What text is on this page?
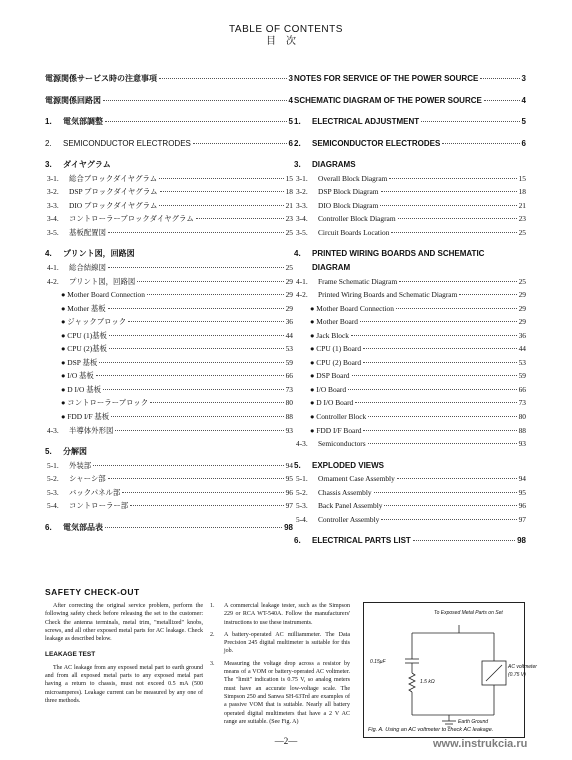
TABLE OF CONTENTS
目次
電源関係サービス時の注意事項	3
電源関係回路図	4
1. 電気部調整	5
2. SEMICONDUCTOR ELECTRODES	6
3. ダイヤグラム
3-1. 総合ブロックダイヤグラム	15
3-2. DSP ブロックダイヤグラム	18
3-3. DIO ブロックダイヤグラム	21
3-4. コントローラーブロックダイヤグラム	23
3-5. 基板配置図	25
4. プリント図，回路図
4-1. 総合結線図	25
4-2. プリント図，回路図	29
● Mother Board Connection	29
● Mother 基板	29
● ジャックブロック	36
● CPU (1)基板	44
● CPU (2)基板	53
● DSP 基板	59
● I/O 基板	66
● D I/O 基板	73
● コントローラーブロック	80
● FDD I/F 基板	88
4-3. 半導体外形図	93
5. 分解図
5-1. 外装部	94
5-2. シャーシ部	95
5-3. バックパネル部	96
5-4. コントローラー部	97
6. 電気部品表	98
NOTES FOR SERVICE OF THE POWER SOURCE	3
SCHEMATIC DIAGRAM OF THE POWER SOURCE	4
1. ELECTRICAL ADJUSTMENT	5
2. SEMICONDUCTOR ELECTRODES	6
3. DIAGRAMS
3-1. Overall Block Diagram	15
3-2. DSP Block Diagram	18
3-3. DIO Block Diagram	21
3-4. Controller Block Diagram	23
3-5. Circuit Boards Location	25
4. PRINTED WIRING BOARDS AND SCHEMATIC
DIAGRAM
4-1. Frame Schematic Diagram	25
4-2. Printed Wiring Boards and Schematic Diagram	29
● Mother Board Connection	29
● Mother Board	29
● Jack Block	36
● CPU (1) Board	44
● CPU (2) Board	53
● DSP Board	59
● I/O Board	66
● D I/O Board	73
● Controller Block	80
● FDD I/F Board	88
4-3. Semiconductors	93
5. EXPLODED VIEWS
5-1. Ornament Case Assembly	94
5-2. Chassis Assembly	95
5-3. Back Panel Assembly	96
5-4. Controller Assembly	97
6. ELECTRICAL PARTS LIST	98
SAFETY CHECK-OUT

After correcting the original service problem, perform the following safety check before releasing the set to the customer: Check the antenna terminals, metal trim, "metallized" knobs, screws, and all other exposed metal parts for AC leakage. Check leakage as described below.

LEAKAGE TEST

The AC leakage from any exposed metal part to earth ground and from all exposed metal parts to any exposed metal part having a return to chassis, must not exceed 0.5 mA (500 microamperes). Leakage current can be measured by any one of three methods.

1.	A commercial leakage tester, such as the Simpson 229 or RCA WT-540A. Follow the manufacturers' instructions to use these instruments.
2.	A battery-operated AC milliammeter. The Data Precision 245 digital multimeter is suitable for this job.
3.	Measuring the voltage drop across a resistor by means of a VOM or battery-operated AC voltmeter. The "limit" indication is 0.75 V, so analog meters must have an accurate low-voltage scale. The Simpson 250 and Sanwa SH-63Trd are examples of a passive VOM that is suitable. Nearly all battery operated digital multimeters that have a 2 V AC range are suitable. (See Fig. A)
To Exposed Metal Parts on Set
0.15μF
1.5 kΩ
AC voltmeter (0.75 V)
Earth Ground
Fig. A. Using an AC voltmeter to check AC leakage.
—2—	www.instrukcia.ru
